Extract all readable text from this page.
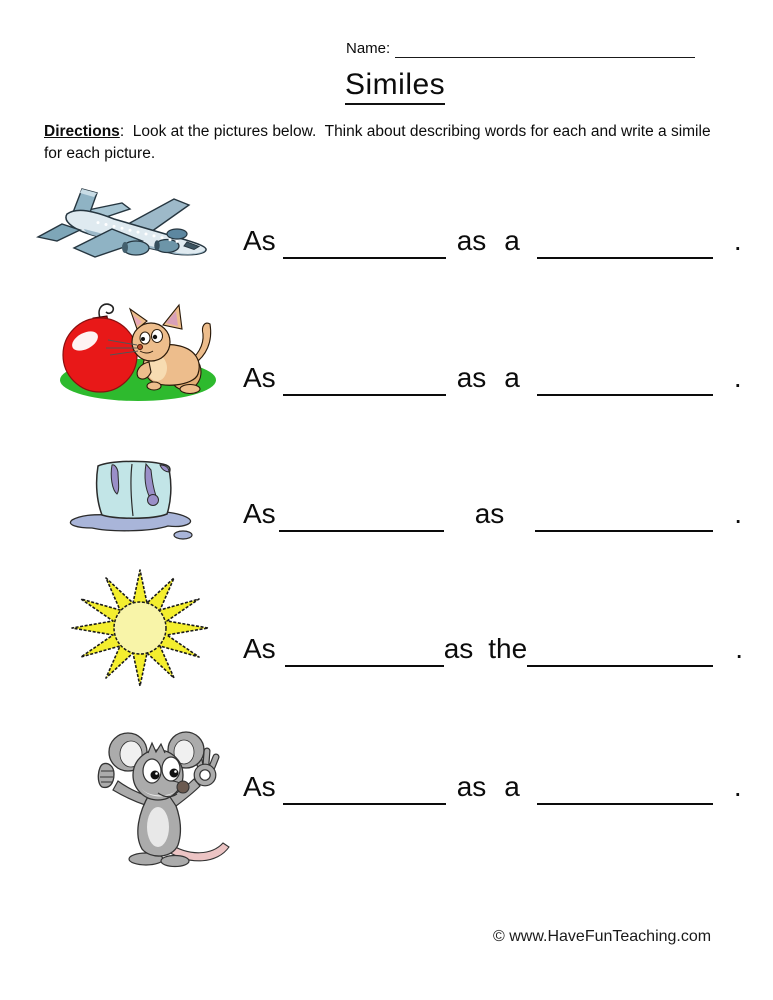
Name:
Similes
Directions:  Look at the pictures below.  Think about describing words for each and write a simile for each picture.
As	as a	.
As	as a	.
As	as	.
As	as the	.
As	as a	.
© www.HaveFunTeaching.com
